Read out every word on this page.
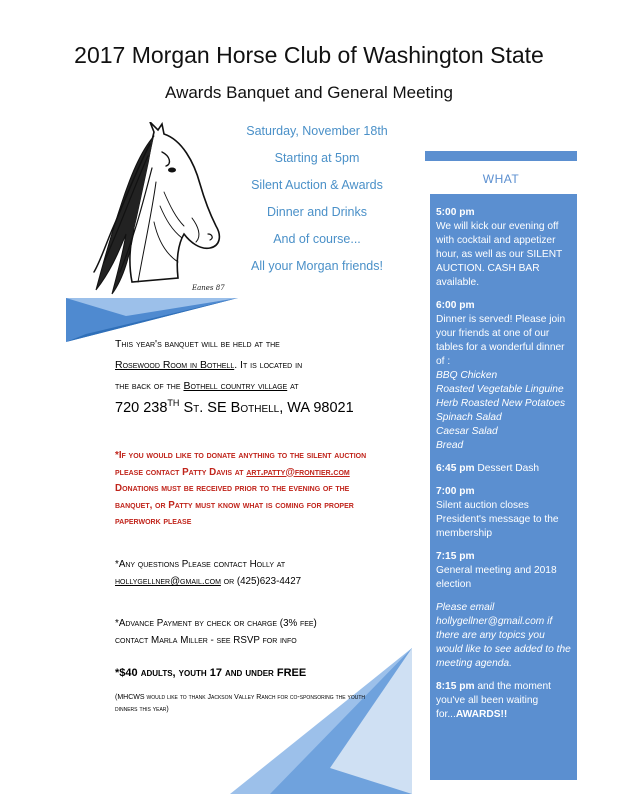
2017 Morgan Horse Club of Washington State
Awards Banquet and General Meeting
Eanes 87
Saturday, November 18th
Starting at 5pm
Silent Auction & Awards
Dinner and Drinks
And of course...
All your Morgan friends!
WHAT
5:00 pm
We will kick our evening off with cocktail and appetizer hour, as well as our SILENT AUCTION. CASH BAR available.
6:00 pm
Dinner is served! Please join your friends at one of our tables for a wonderful dinner of :
BBQ Chicken
Roasted Vegetable Linguine
Herb Roasted New Potatoes
Spinach Salad
Caesar Salad
Bread
6:45 pm Dessert Dash
7:00 pm
Silent auction closes
President's message to the membership
7:15 pm
General meeting and 2018 election
Please email hollygellner@gmail.com if there are any topics you would like to see added to the meeting agenda.
8:15 pm and the moment you've all been waiting for...AWARDS!!
This year's banquet will be held at the
Rosewood Room in Bothell. It is located in
the back of the Bothell country village at
720 238TH St. SE Bothell, WA 98021
*If you would like to donate anything to the silent auction
please contact Patty Davis at art.patty@frontier.com
Donations must be received prior to the evening of the
banquet, or Patty must know what is coming for proper
paperwork please
*Any questions Please contact Holly at
hollygellner@gmail.com or (425)623-4427
*Advance Payment by check or charge (3% fee)
contact Marla Miller - see RSVP for info
*$40 adults, youth 17 and under FREE
(MHCWS would like to thank Jackson Valley Ranch for co-sponsoring the youth dinners this year)
